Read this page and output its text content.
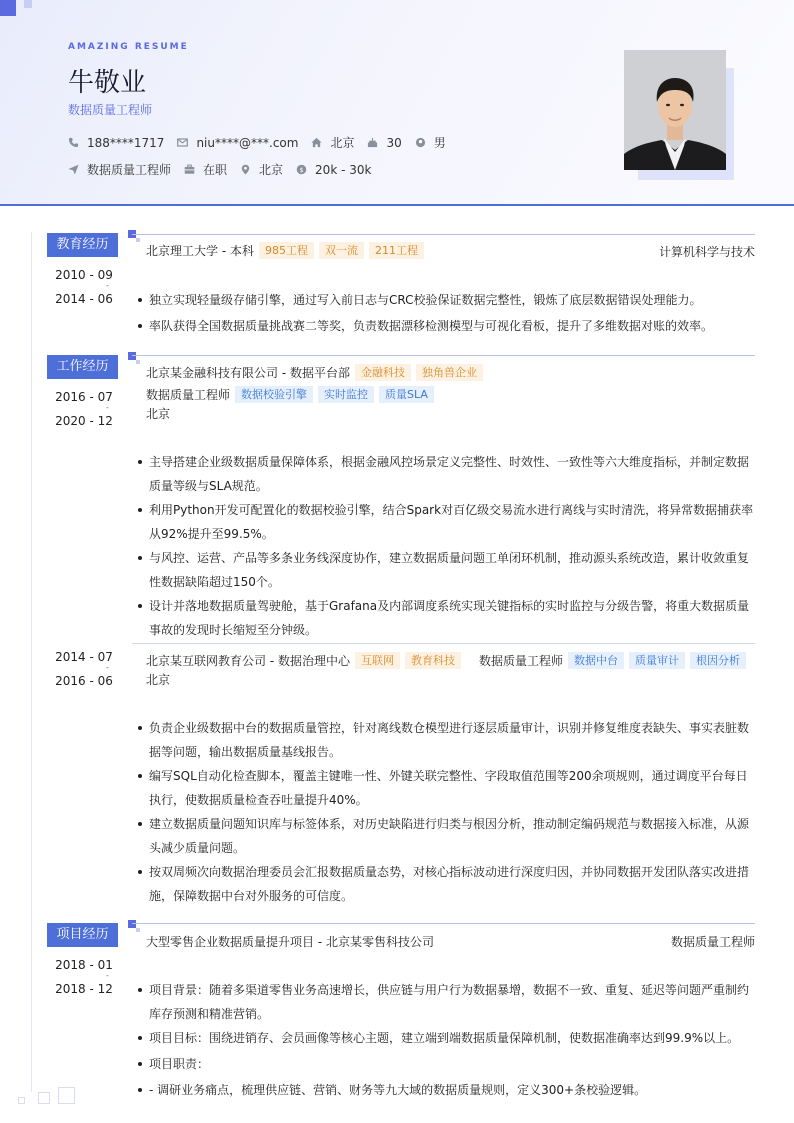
AMAZING RESUME
牛敬业
数据质量工程师
188****1717	niu****@***.com	北京	30	男
数据质量工程师	在职	北京 $ 20k - 30k
教育经历
2010 - 09
-
2014 - 06
北京理工大学 - 本科	985工程	双一流	211工程	计算机科学与技术
独立实现轻量级存储引擎，通过写入前日志与CRC校验保证数据完整性，锻炼了底层数据错误处理能力。
率队获得全国数据质量挑战赛二等奖，负责数据漂移检测模型与可视化看板，提升了多维数据对账的效率。
工作经历
2016 - 07
-
2020 - 12
北京某金融科技有限公司 - 数据平台部	金融科技	独角兽企业
数据质量工程师	数据校验引擎	实时监控	质量SLA
北京
主导搭建企业级数据质量保障体系，根据金融风控场景定义完整性、时效性、一致性等六大维度指标，并制定数据质量等级与SLA规范。
利用Python开发可配置化的数据校验引擎，结合Spark对百亿级交易流水进行离线与实时清洗，将异常数据捕获率从92%提升至99.5%。
与风控、运营、产品等多条业务线深度协作，建立数据质量问题工单闭环机制，推动源头系统改造，累计收敛重复性数据缺陷超过150个。
设计并落地数据质量驾驶舱，基于Grafana及内部调度系统实现关键指标的实时监控与分级告警，将重大数据质量事故的发现时长缩短至分钟级。
2014 - 07
-
2016 - 06
北京某互联网教育公司 - 数据治理中心	互联网	教育科技	数据质量工程师	数据中台	质量审计	根因分析
北京
负责企业级数据中台的数据质量管控，针对离线数仓模型进行逐层质量审计，识别并修复维度表缺失、事实表脏数据等问题，输出数据质量基线报告。
编写SQL自动化检查脚本，覆盖主键唯一性、外键关联完整性、字段取值范围等200余项规则，通过调度平台每日执行，使数据质量检查吞吐量提升40%。
建立数据质量问题知识库与标签体系，对历史缺陷进行归类与根因分析，推动制定编码规范与数据接入标准，从源头减少质量问题。
按双周频次向数据治理委员会汇报数据质量态势，对核心指标波动进行深度归因，并协同数据开发团队落实改进措施，保障数据中台对外服务的可信度。
项目经历
2018 - 01
-
2018 - 12
大型零售企业数据质量提升项目 - 北京某零售科技公司	数据质量工程师
项目背景：随着多渠道零售业务高速增长，供应链与用户行为数据暴增，数据不一致、重复、延迟等问题严重制约库存预测和精准营销。
项目目标：围绕进销存、会员画像等核心主题，建立端到端数据质量保障机制，使数据准确率达到99.9%以上。
项目职责：
- 调研业务痛点，梳理供应链、营销、财务等九大域的数据质量规则，定义300+条校验逻辑。
